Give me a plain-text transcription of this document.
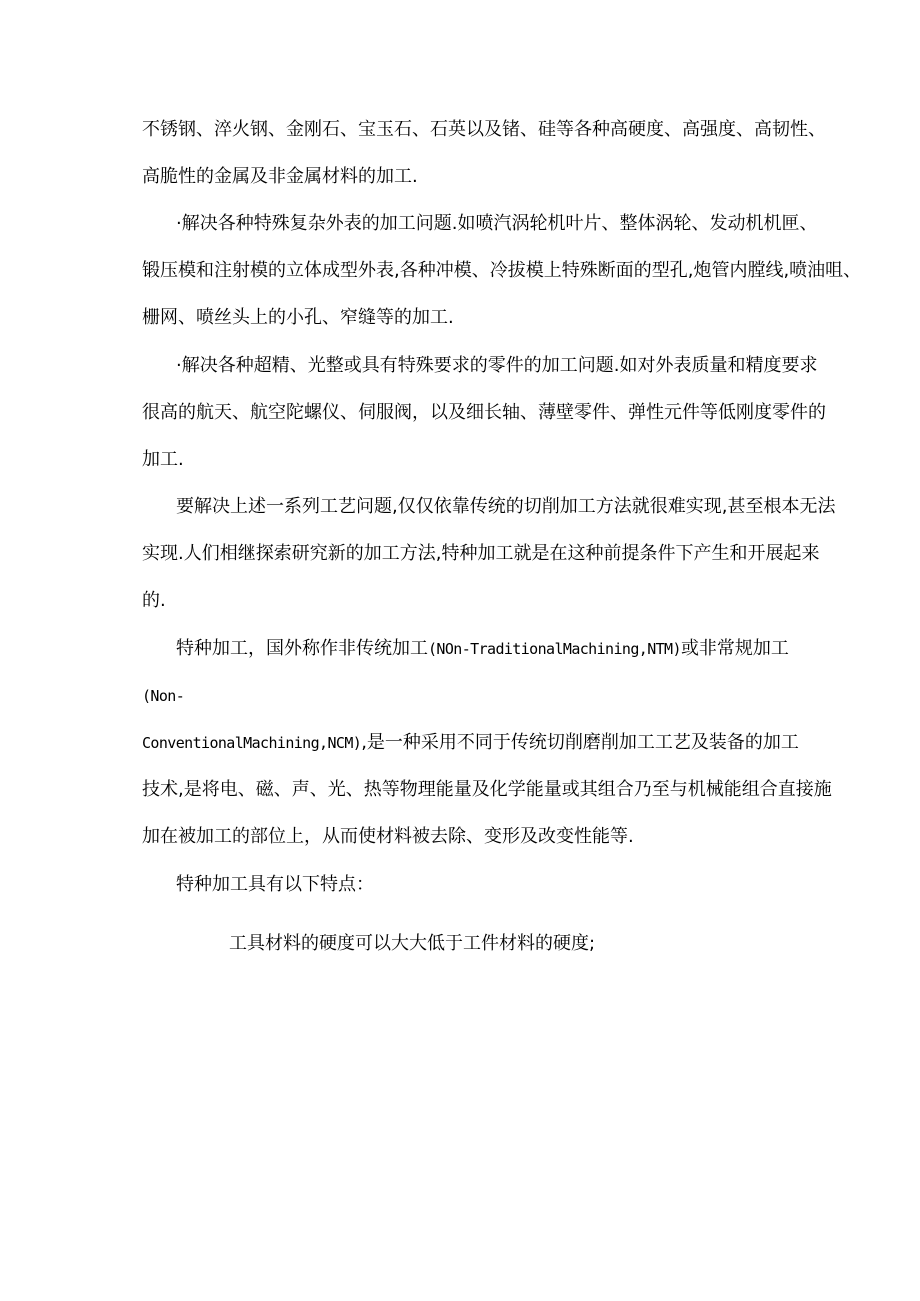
不锈钢、淬火钢、金刚石、宝玉石、石英以及锗、硅等各种高硬度、高强度、高韧性、
高脆性的金属及非金属材料的加工.
·解决各种特殊复杂外表的加工问题.如喷汽涡轮机叶片、整体涡轮、发动机机匣、
锻压模和注射模的立体成型外表,各种冲模、冷拔模上特殊断面的型孔,炮管内膛线,喷油咀、
栅网、喷丝头上的小孔、窄缝等的加工.
·解决各种超精、光整或具有特殊要求的零件的加工问题.如对外表质量和精度要求
很高的航天、航空陀螺仪、伺服阀，以及细长轴、薄壁零件、弹性元件等低刚度零件的
加工.
要解决上述一系列工艺问题,仅仅依靠传统的切削加工方法就很难实现,甚至根本无法
实现.人们相继探索研究新的加工方法,特种加工就是在这种前提条件下产生和开展起来
的.
特种加工，国外称作非传统加工(NOn-TraditionalMachining,NTM)或非常规加工
(Non-
ConventionalMachining,NCM),是一种采用不同于传统切削磨削加工工艺及装备的加工
技术,是将电、磁、声、光、热等物理能量及化学能量或其组合乃至与机械能组合直接施
加在被加工的部位上，从而使材料被去除、变形及改变性能等.
特种加工具有以下特点：
工具材料的硬度可以大大低于工件材料的硬度;
